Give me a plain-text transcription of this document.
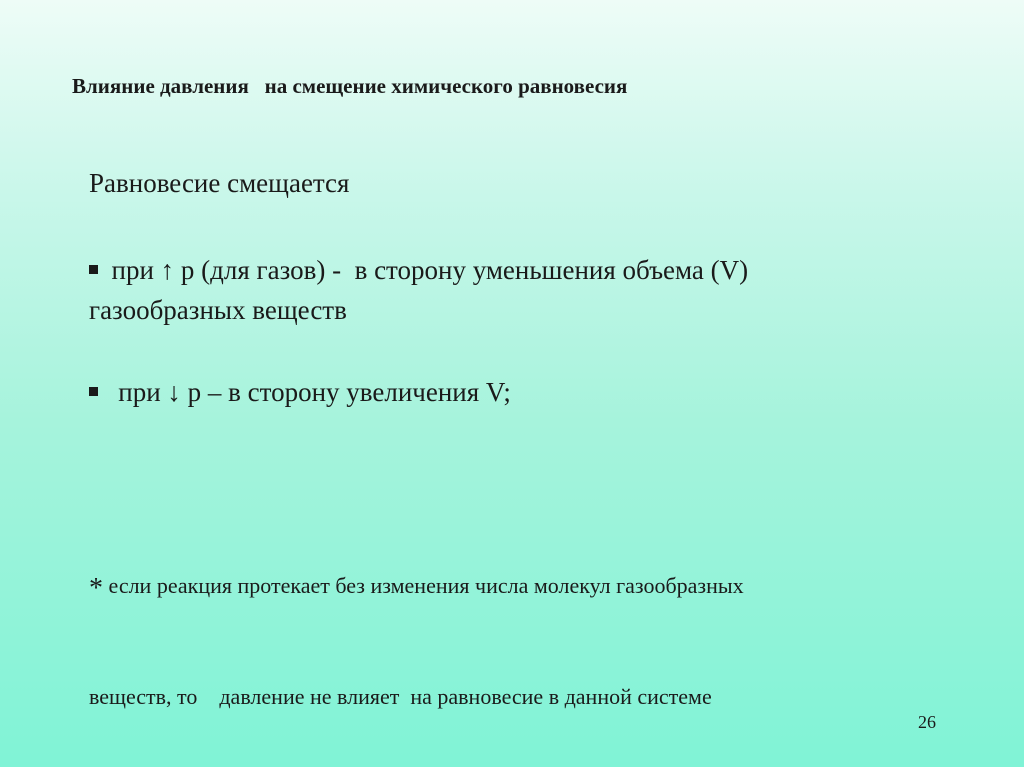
Влияние давления   на смещение химического равновесия
Равновесие смещается
при ↑ р (для газов) -  в сторону уменьшения объема (V)
газообразных веществ
при ↓ р – в сторону увеличения V;

* если реакция протекает без изменения числа молекул газообразных

веществ, то    давление не влияет  на равновесие в данной системе

26
